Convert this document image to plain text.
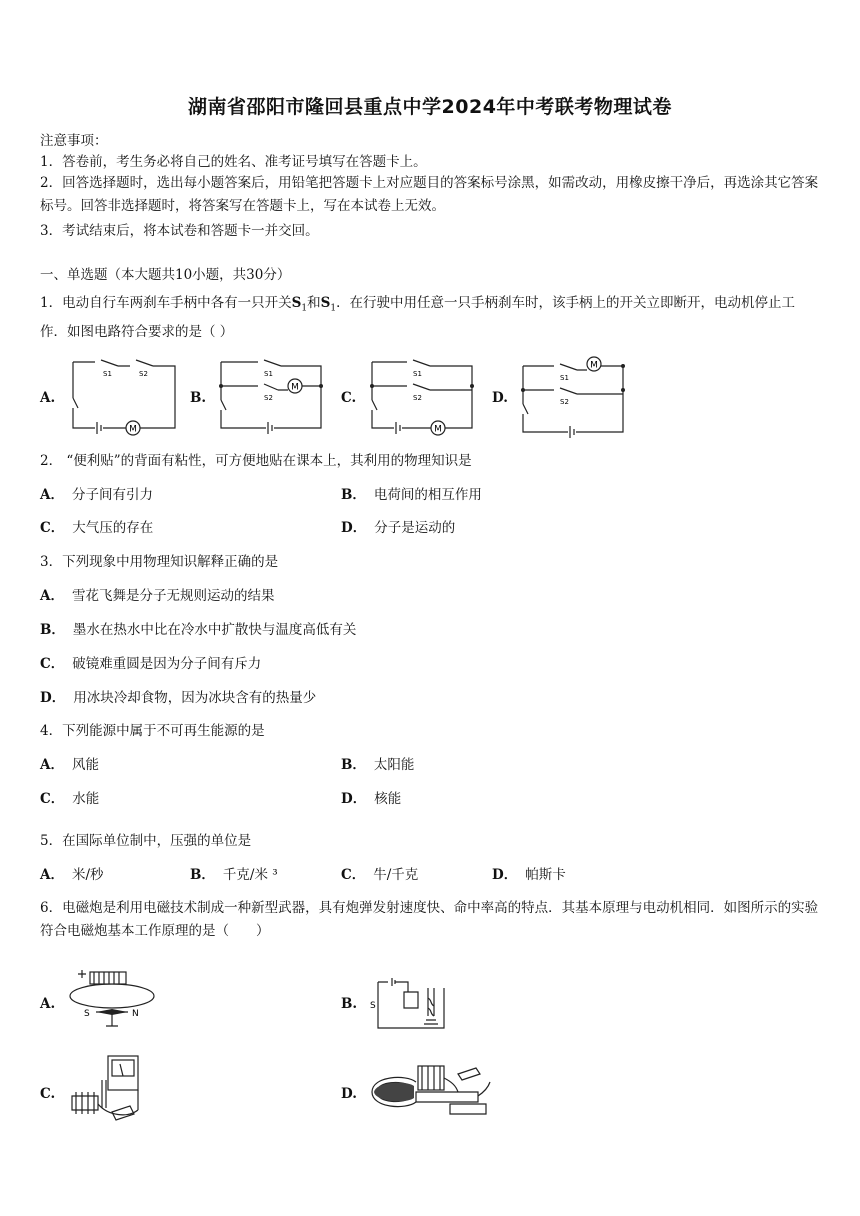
湖南省邵阳市隆回县重点中学2024年中考联考物理试卷
注意事项：
1．答卷前，考生务必将自己的姓名、准考证号填写在答题卡上。
2．回答选择题时，选出每小题答案后，用铅笔把答题卡上对应题目的答案标号涂黑，如需改动，用橡皮擦干净后，再选涂其它答案标号。回答非选择题时，将答案写在答题卡上，写在本试卷上无效。
3．考试结束后，将本试卷和答题卡一并交回。
一、单选题（本大题共10小题，共30分）
1．电动自行车两刹车手柄中各有一只开关$S_1$和$S_1$．在行驶中用任意一只手柄刹车时，该手柄上的开关立即断开，电动机停止工作．如图电路符合要求的是（ ）
A.
M
S1	S2
B.
M
S1
S2	C.
M
S1
S2	D.
M
S1
S2
2． “便利贴”的背面有粘性，可方便地贴在课本上，其利用的物理知识是
A． 分子间有引力	B． 电荷间的相互作用
C． 大气压的存在	D． 分子是运动的
3．下列现象中用物理知识解释正确的是
A． 雪花飞舞是分子无规则运动的结果
B． 墨水在热水中比在冷水中扩散快与温度高低有关
C． 破镜难重圆是因为分子间有斥力
D． 用冰块冷却食物，因为冰块含有的热量少
4．下列能源中属于不可再生能源的是
A． 风能	B． 太阳能
C． 水能	D． 核能
5．在国际单位制中，压强的单位是
A． 米/秒	B． 千克/米 ³	C． 牛/千克	D． 帕斯卡
6．电磁炮是利用电磁技术制成一种新型武器，具有炮弹发射速度快、命中率高的特点．其基本原理与电动机相同．如图所示的实验符合电磁炮基本工作原理的是（　　）
A.
S	N
B. S
C.	D.
